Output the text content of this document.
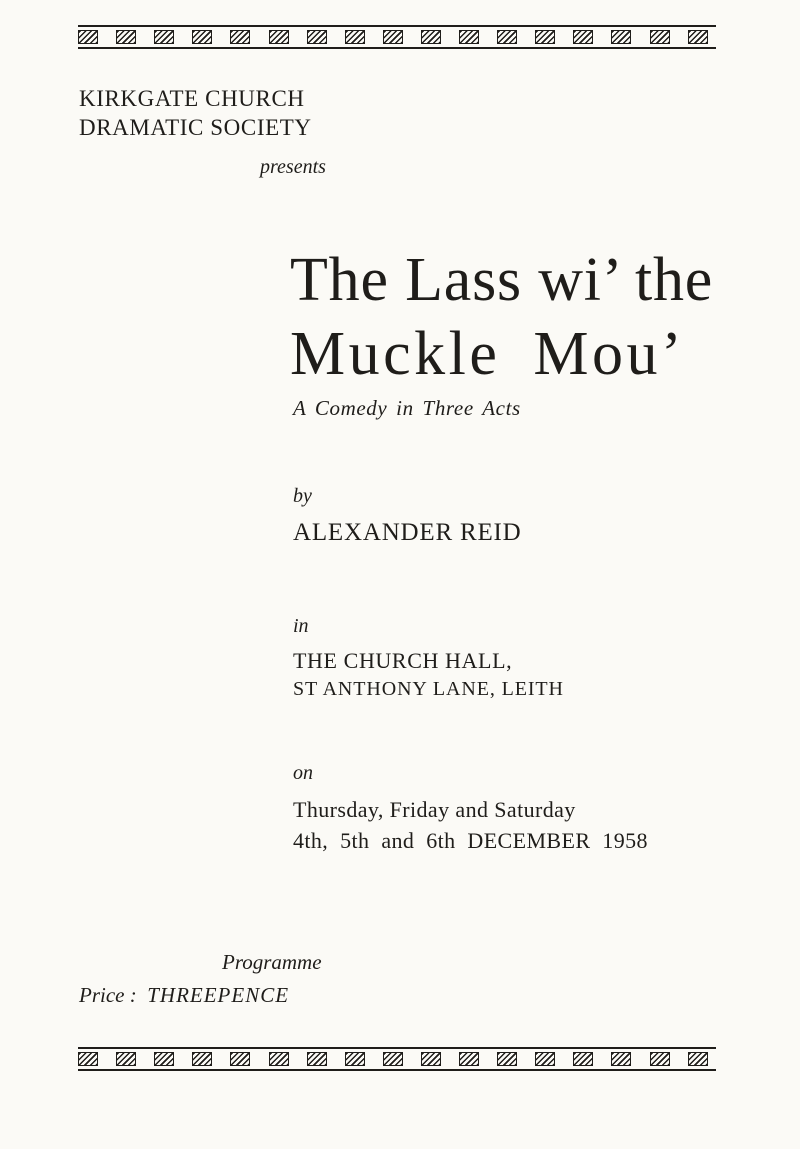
KIRKGATE CHURCH
DRAMATIC SOCIETY

presents

The Lass wi’ the
Muckle Mou’

A Comedy in Three Acts

by

ALEXANDER REID

in

THE CHURCH HALL,

ST ANTHONY LANE, LEITH

on

Thursday, Friday and Saturday

4th, 5th and 6th DECEMBER 1958

Programme

Price : THREEPENCE
